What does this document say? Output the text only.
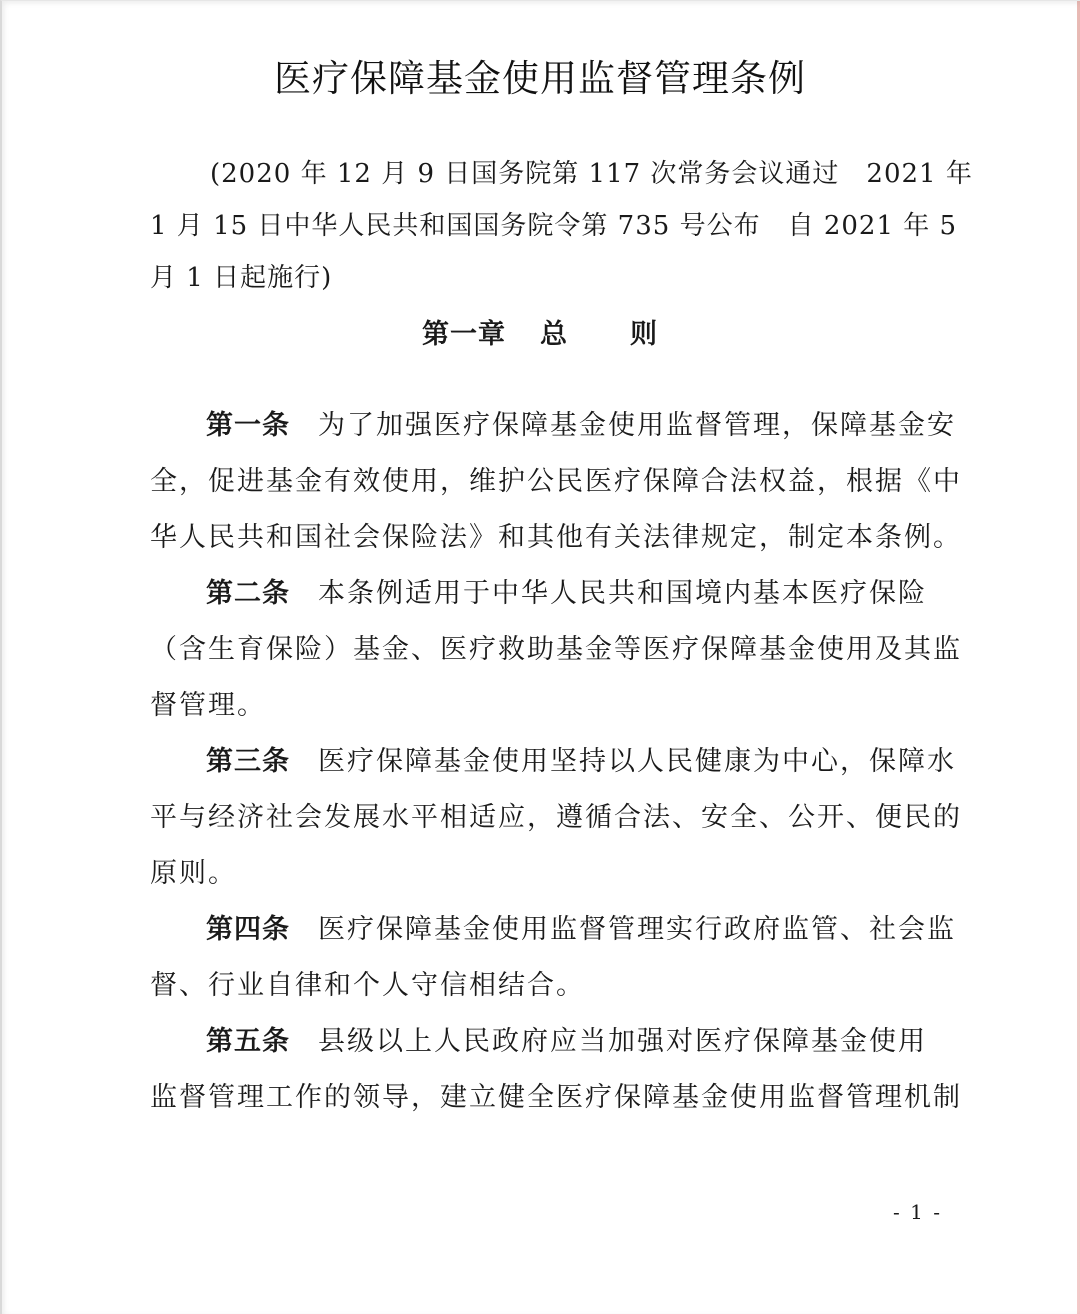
医疗保障基金使用监督管理条例
(2020 年 12 月 9 日国务院第 117 次常务会议通过　2021 年
1 月 15 日中华人民共和国国务院令第 735 号公布　自 2021 年 5
月 1 日起施行)
第一章 总 则
第一条 为了加强医疗保障基金使用监督管理，保障基金安
全，促进基金有效使用，维护公民医疗保障合法权益，根据《中
华人民共和国社会保险法》和其他有关法律规定，制定本条例。
第二条 本条例适用于中华人民共和国境内基本医疗保险
（含生育保险）基金、医疗救助基金等医疗保障基金使用及其监
督管理。
第三条 医疗保障基金使用坚持以人民健康为中心，保障水
平与经济社会发展水平相适应，遵循合法、安全、公开、便民的
原则。
第四条 医疗保障基金使用监督管理实行政府监管、社会监
督、行业自律和个人守信相结合。
第五条 县级以上人民政府应当加强对医疗保障基金使用
监督管理工作的领导，建立健全医疗保障基金使用监督管理机制
- 1 -
